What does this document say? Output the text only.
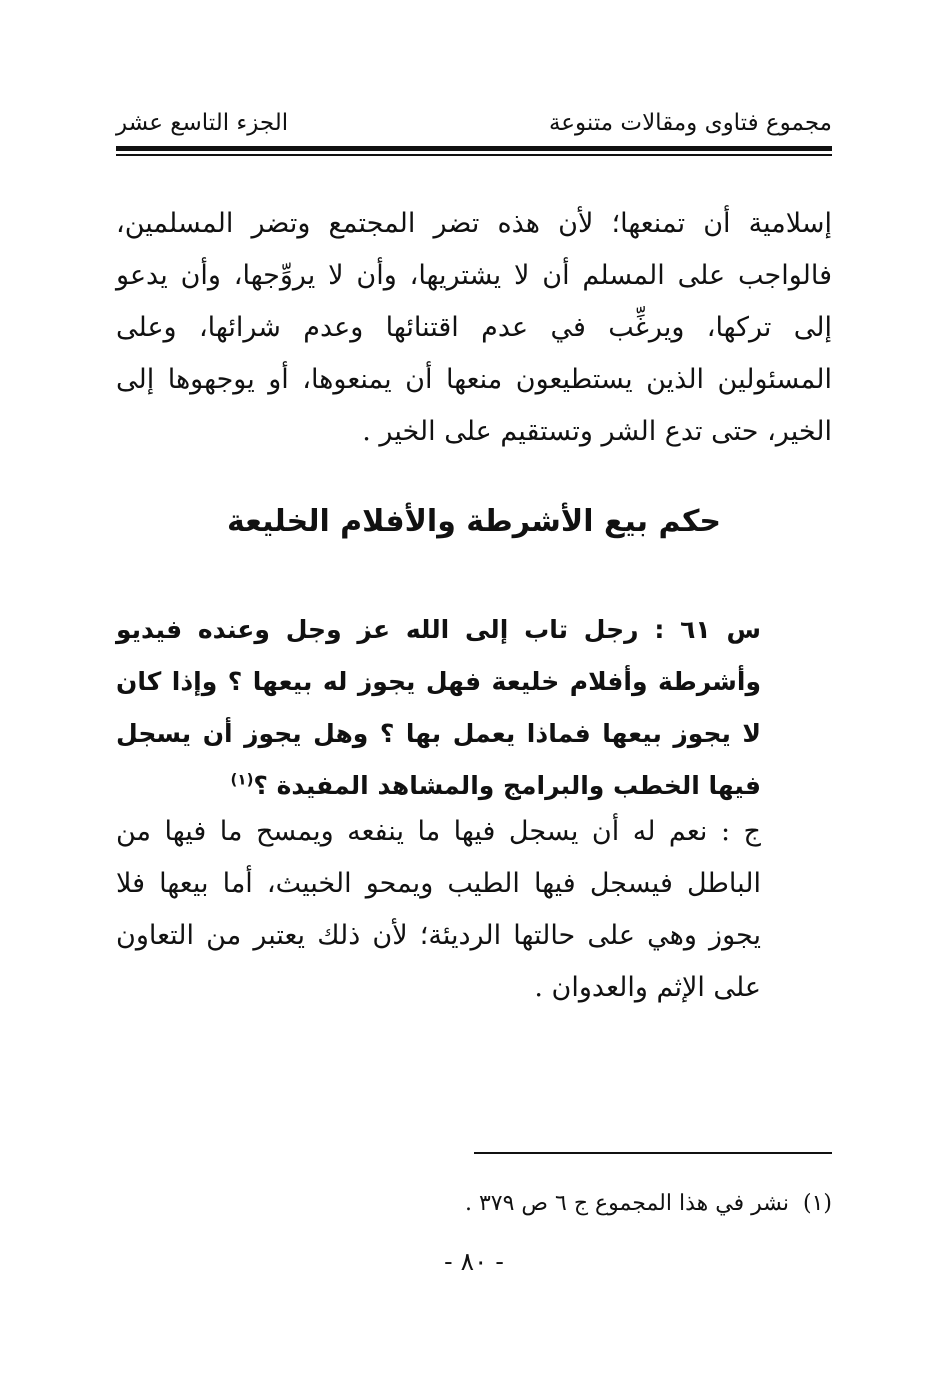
مجموع فتاوى ومقالات متنوعة
الجزء التاسع عشر

إسلامية أن تمنعها؛ لأن هذه تضر المجتمع وتضر المسلمين، فالواجب على المسلم أن لا يشتريها، وأن لا يروِّجها، وأن يدعو إلى تركها، ويرغِّب في عدم اقتنائها وعدم شرائها، وعلى المسئولين الذين يستطيعون منعها أن يمنعوها، أو يوجهوها إلى الخير، حتى تدع الشر وتستقيم على الخير .

حكم بيع الأشرطة والأفلام الخليعة

س ٦١ : رجل تاب إلى الله عز وجل وعنده فيديو وأشرطة وأفلام خليعة فهل يجوز له بيعها ؟ وإذا كان لا يجوز بيعها فماذا يعمل بها ؟ وهل يجوز أن يسجل فيها الخطب والبرامج والمشاهد المفيدة ؟$^{(١)}$

ج : نعم له أن يسجل فيها ما ينفعه ويمسح ما فيها من الباطل فيسجل فيها الطيب ويمحو الخبيث، أما بيعها فلا يجوز وهي على حالتها الرديئة؛ لأن ذلك يعتبر من التعاون على الإثم والعدوان .

(١)نشر في هذا المجموع ج ٦ ص ٣٧٩ .

- ٨٠ -
